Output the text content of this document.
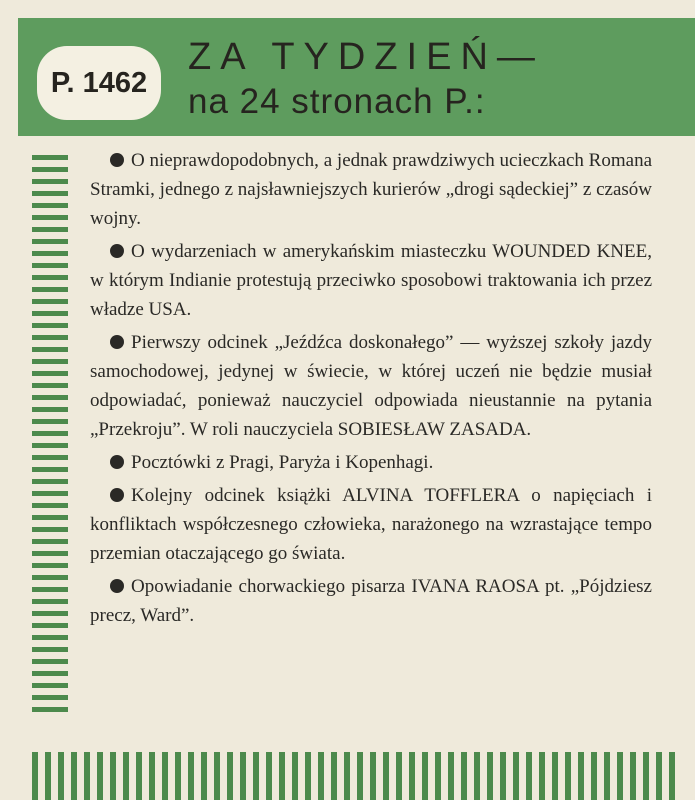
P. 1462
ZA TYDZIEŃ—
na 24 stronach P.:
O nieprawdopodobnych, a jednak prawdziwych ucieczkach Romana Stramki, jednego z najsławniejszych kurierów „drogi sądeckiej” z czasów wojny.
O wydarzeniach w amerykańskim miasteczku WOUNDED KNEE, w którym Indianie protestują przeciwko sposobowi traktowania ich przez władze USA.
Pierwszy odcinek „Jeźdźca doskonałego” — wyższej szkoły jazdy samochodowej, jedynej w świecie, w której uczeń nie będzie musiał odpowiadać, ponieważ nauczyciel odpowiada nieustannie na pytania „Przekroju”. W roli nauczyciela SOBIESŁAW ZASADA.
Pocztówki z Pragi, Paryża i Kopenhagi.
Kolejny odcinek książki ALVINA TOFFLERA o napięciach i konfliktach współczesnego człowieka, narażonego na wzrastające tempo przemian otaczającego go świata.
Opowiadanie chorwackiego pisarza IVANA RAOSA pt. „Pójdziesz precz, Ward”.
